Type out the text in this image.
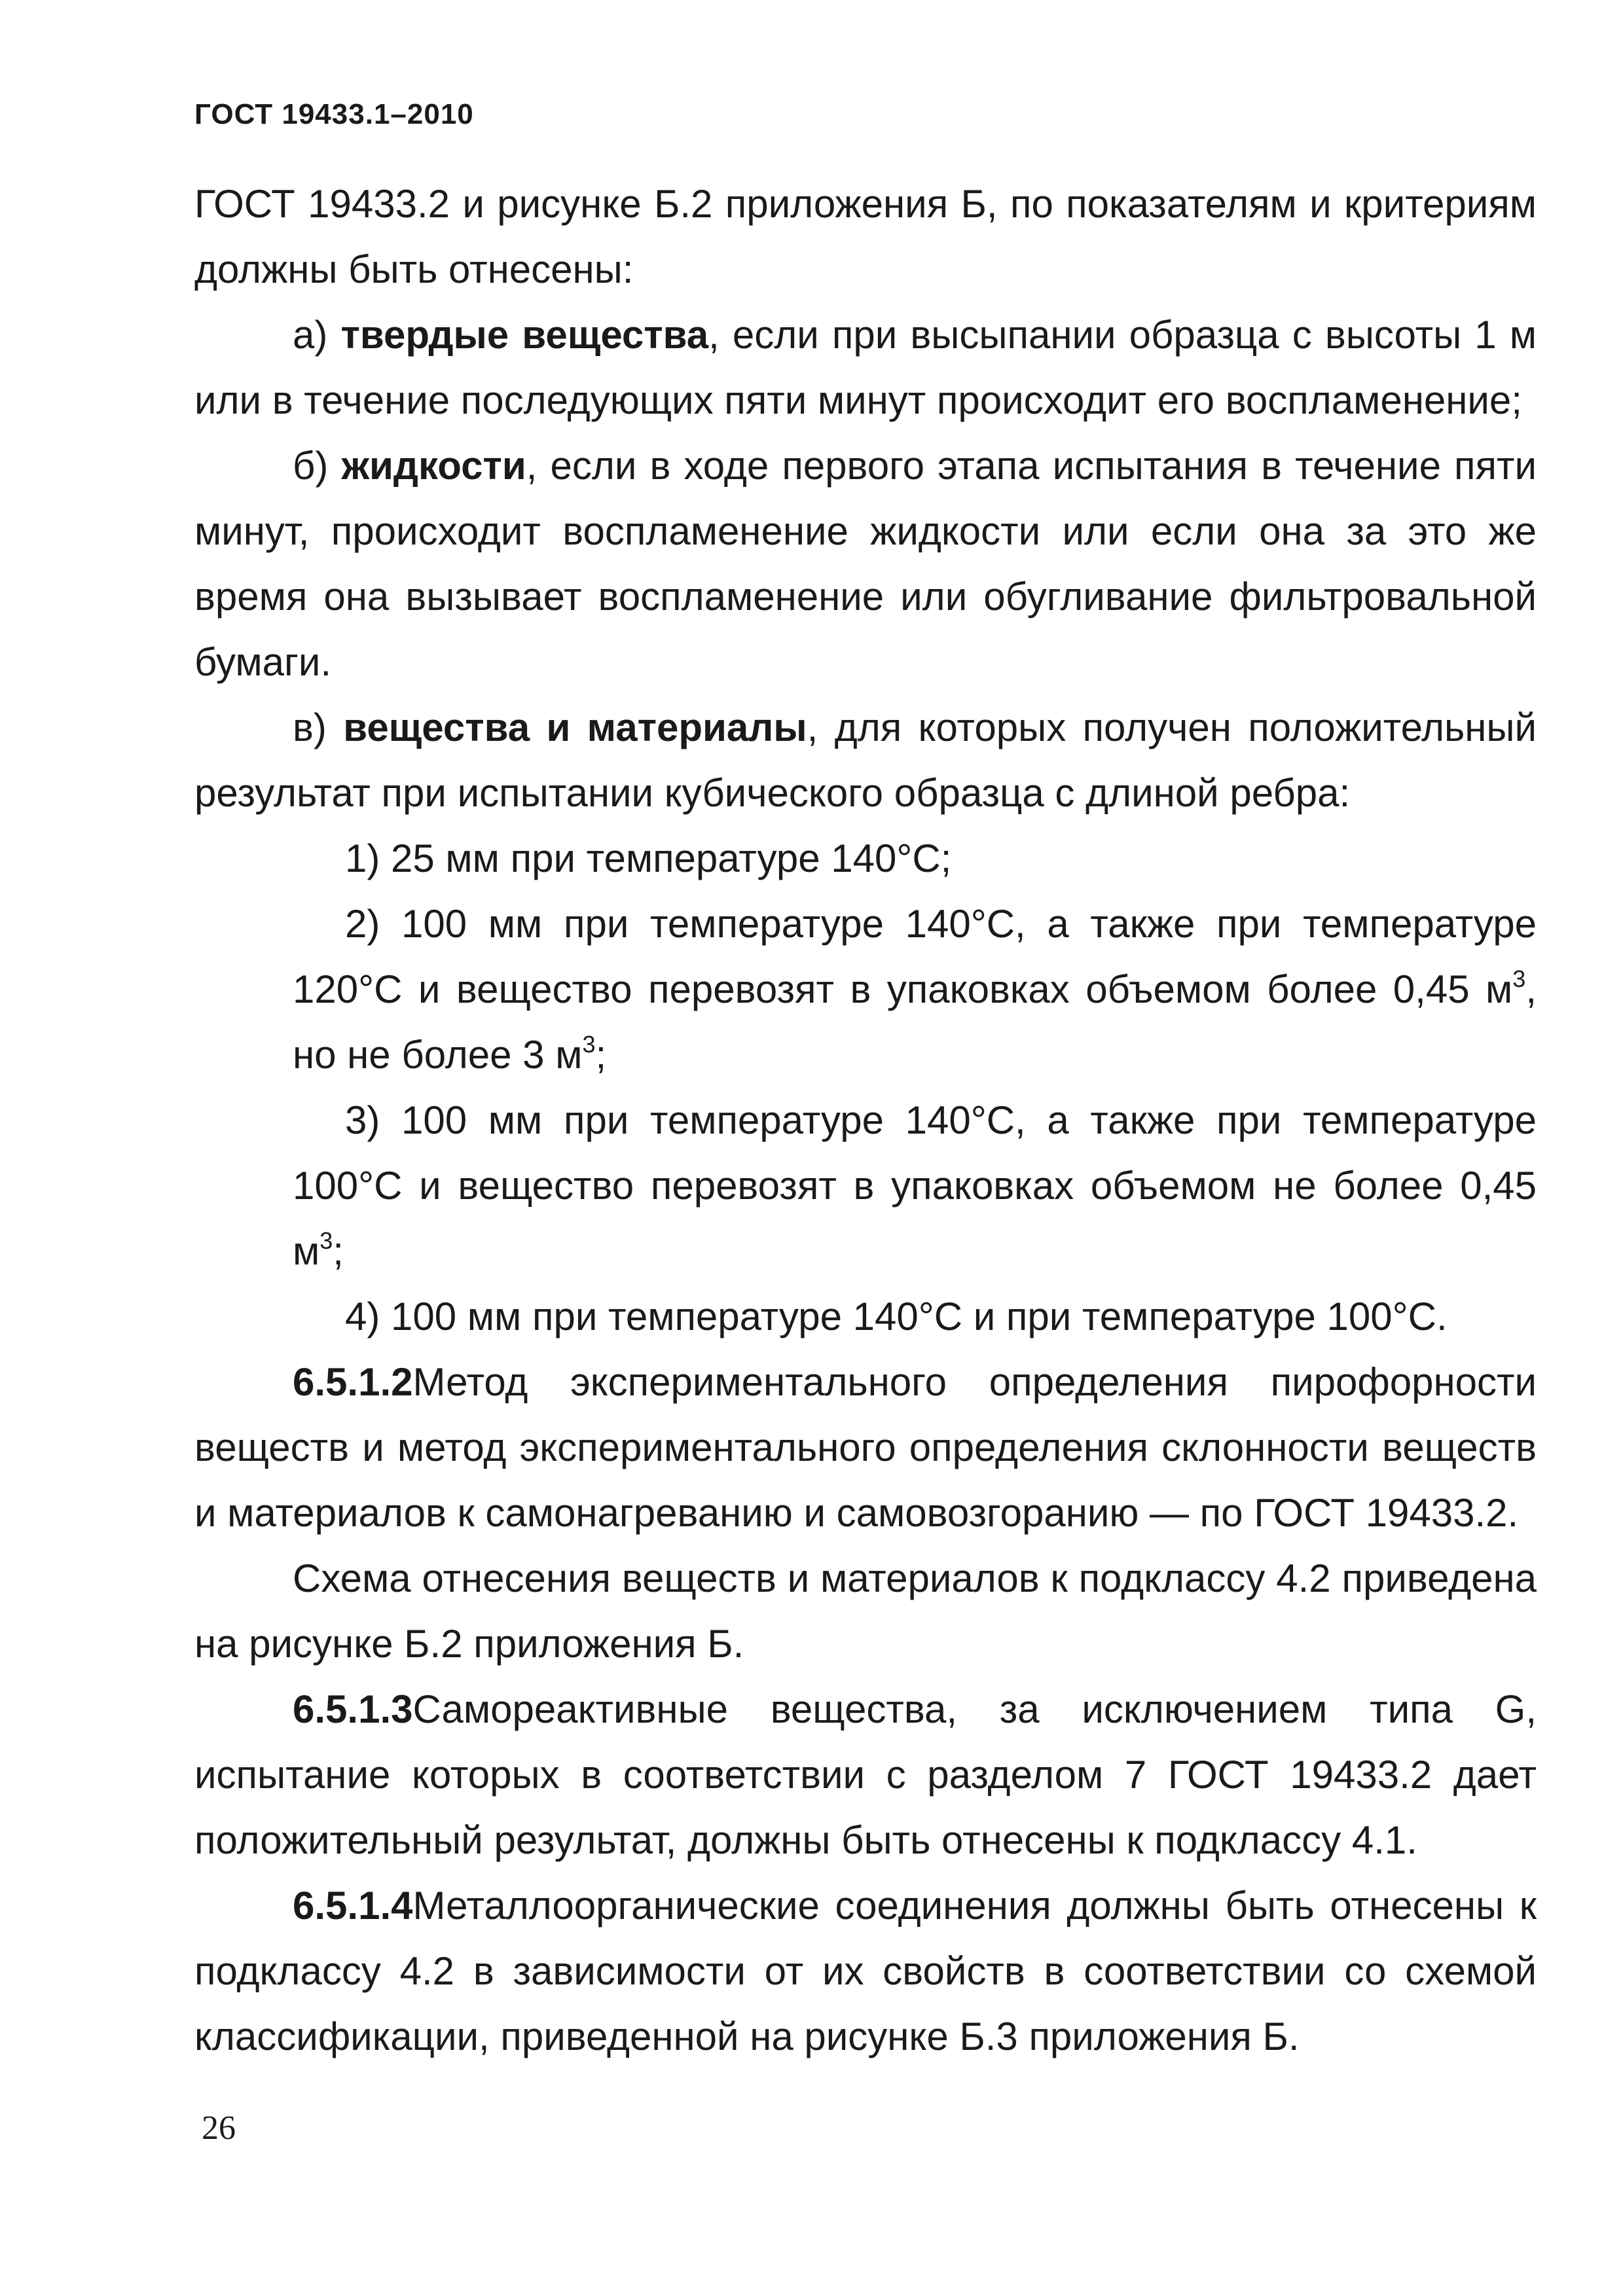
ГОСТ 19433.1–2010

ГОСТ 19433.2 и рисунке Б.2 приложения Б, по показателям и критериям должны быть отнесены:

а) твердые вещества, если при высыпании образца с высоты 1 м или в течение последующих пяти минут происходит его воспламенение;

б) жидкости, если в ходе первого этапа испытания в течение пяти минут, происходит воспламенение жидкости или если она за это же время она вызывает воспламенение или обугливание фильтровальной бумаги.

в) вещества и материалы, для которых получен положительный результат при испытании кубического образца с длиной ребра:

1) 25 мм при температуре 140°С;

2) 100 мм при температуре 140°С, а также при температуре 120°С и вещество перевозят в упаковках объемом более 0,45 $м^3$, но не более 3 $м^3$;

3) 100 мм при температуре 140°С, а также при температуре 100°С и вещество перевозят в упаковках объемом не более 0,45 $м^3$;

4) 100 мм при температуре 140°С и при температуре 100°С.

6.5.1.2Метод экспериментального определения пирофорности веществ и метод экспериментального определения склонности веществ и материалов к самонагреванию и самовозгоранию — по ГОСТ 19433.2.

Схема отнесения веществ и материалов к подклассу 4.2 приведена на рисунке Б.2 приложения Б.

6.5.1.3Самореактивные вещества, за исключением типа G, испытание которых в соответствии с разделом 7 ГОСТ 19433.2 дает положительный результат, должны быть отнесены к подклассу 4.1.

6.5.1.4Металлоорганические соединения должны быть отнесены к подклассу 4.2 в зависимости от их свойств в соответствии со схемой классификации, приведенной на рисунке Б.3 приложения Б.

26
